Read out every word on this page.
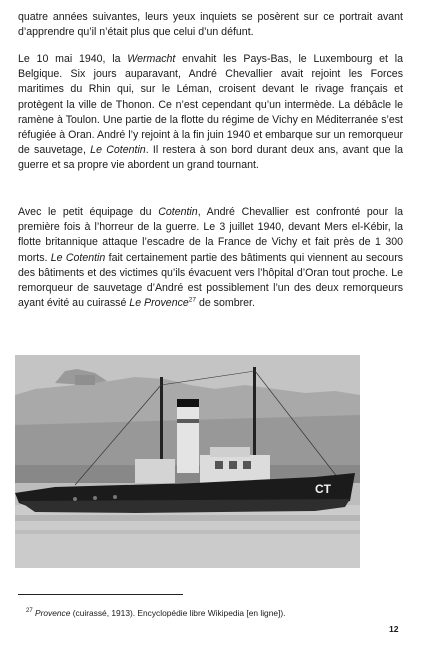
quatre années suivantes, leurs yeux inquiets se posèrent sur ce portrait avant d’apprendre qu’il n’était plus que celui d’un défunt.

Le 10 mai 1940, la Wermacht envahit les Pays-Bas, le Luxembourg et la Belgique. Six jours auparavant, André Chevallier avait rejoint les Forces maritimes du Rhin qui, sur le Léman, croisent devant le rivage français et protègent la ville de Thonon. Ce n’est cependant qu’un intermède. La débâcle le ramène à Toulon. Une partie de la flotte du régime de Vichy en Méditerranée s’est réfugiée à Oran. André l’y rejoint à la fin juin 1940 et embarque sur un remorqueur de sauvetage, Le Cotentin. Il restera à son bord durant deux ans, avant que la guerre et sa propre vie abordent un grand tournant.

Avec le petit équipage du Cotentin, André Chevallier est confronté pour la première fois à l’horreur de la guerre. Le 3 juillet 1940, devant Mers el-Kébir, la flotte britannique attaque l’escadre de la France de Vichy et fait près de 1 300 morts. Le Cotentin fait certainement partie des bâtiments qui viennent au secours des bâtiments et des victimes qu’ils évacuent vers l’hôpital d’Oran tout proche. Le remorqueur de sauvetage d’André est possiblement l’un des deux remorqueurs ayant évité au cuirassé Le Provence$^{27}$ de sombrer.

CT

$^{27}$ Provence (cuirassé, 1913). Encyclopédie libre Wikipedia [en ligne]).

12
